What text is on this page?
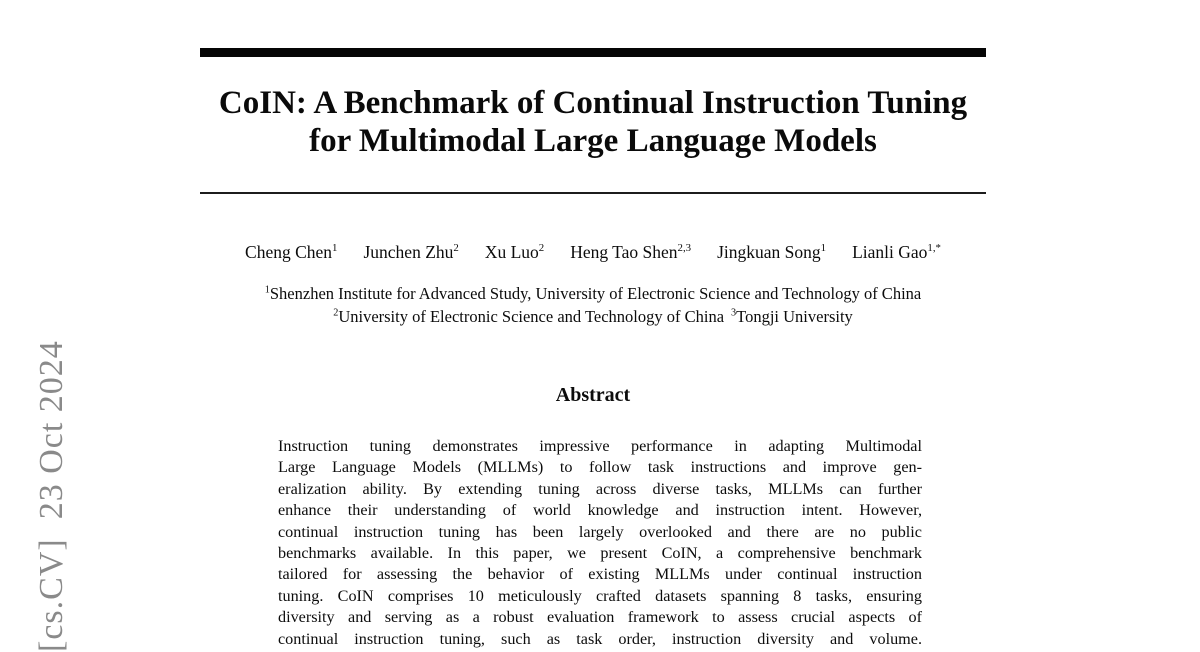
[cs.CV]  23 Oct 2024
CoIN: A Benchmark of Continual Instruction Tuning
for Multimodal Large Language Models
Cheng Chen$^1$ Junchen Zhu$^2$ Xu Luo$^2$ Heng Tao Shen$^{2,3}$ Jingkuan Song$^1$ Lianli Gao$^{1,*}$
$^1$Shenzhen Institute for Advanced Study, University of Electronic Science and Technology of China
$^2$University of Electronic Science and Technology of China $^3$Tongji University
Abstract
Instruction tuning demonstrates impressive performance in adapting Multimodal
Large Language Models (MLLMs) to follow task instructions and improve gen-
eralization ability. By extending tuning across diverse tasks, MLLMs can further
enhance their understanding of world knowledge and instruction intent. However,
continual instruction tuning has been largely overlooked and there are no public
benchmarks available. In this paper, we present CoIN, a comprehensive benchmark
tailored for assessing the behavior of existing MLLMs under continual instruction
tuning. CoIN comprises 10 meticulously crafted datasets spanning 8 tasks, ensuring
diversity and serving as a robust evaluation framework to assess crucial aspects of
continual instruction tuning, such as task order, instruction diversity and volume.
